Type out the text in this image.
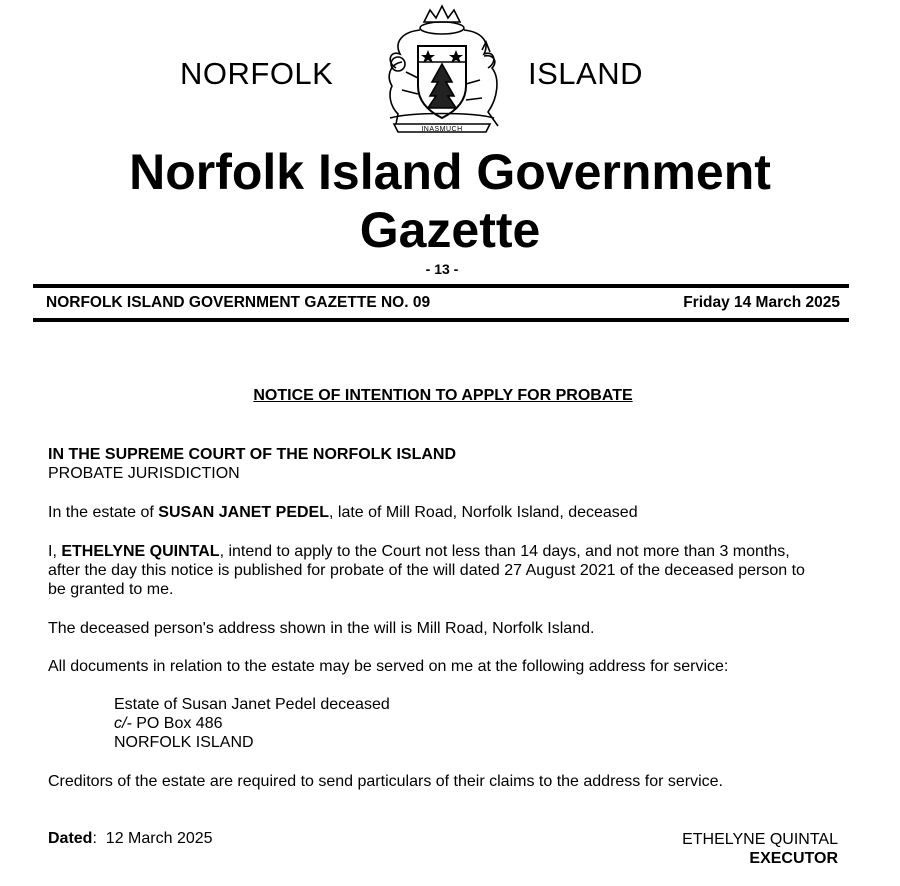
NORFOLK
INASMUCH
ISLAND
Norfolk Island Government
Gazette
- 13 -
NORFOLK ISLAND GOVERNMENT GAZETTE NO. 09	Friday 14 March 2025
NOTICE OF INTENTION TO APPLY FOR PROBATE
IN THE SUPREME COURT OF THE NORFOLK ISLAND
PROBATE JURISDICTION
In the estate of SUSAN JANET PEDEL, late of Mill Road, Norfolk Island, deceased
I, ETHELYNE QUINTAL, intend to apply to the Court not less than 14 days, and not more than 3 months,
after the day this notice is published for probate of the will dated 27 August 2021 of the deceased person to
be granted to me.
The deceased person's address shown in the will is Mill Road, Norfolk Island.
All documents in relation to the estate may be served on me at the following address for service:
Estate of Susan Janet Pedel deceased
c/- PO Box 486
NORFOLK ISLAND
Creditors of the estate are required to send particulars of their claims to the address for service.
Dated: 12 March 2025	ETHELYNE QUINTAL
EXECUTOR
